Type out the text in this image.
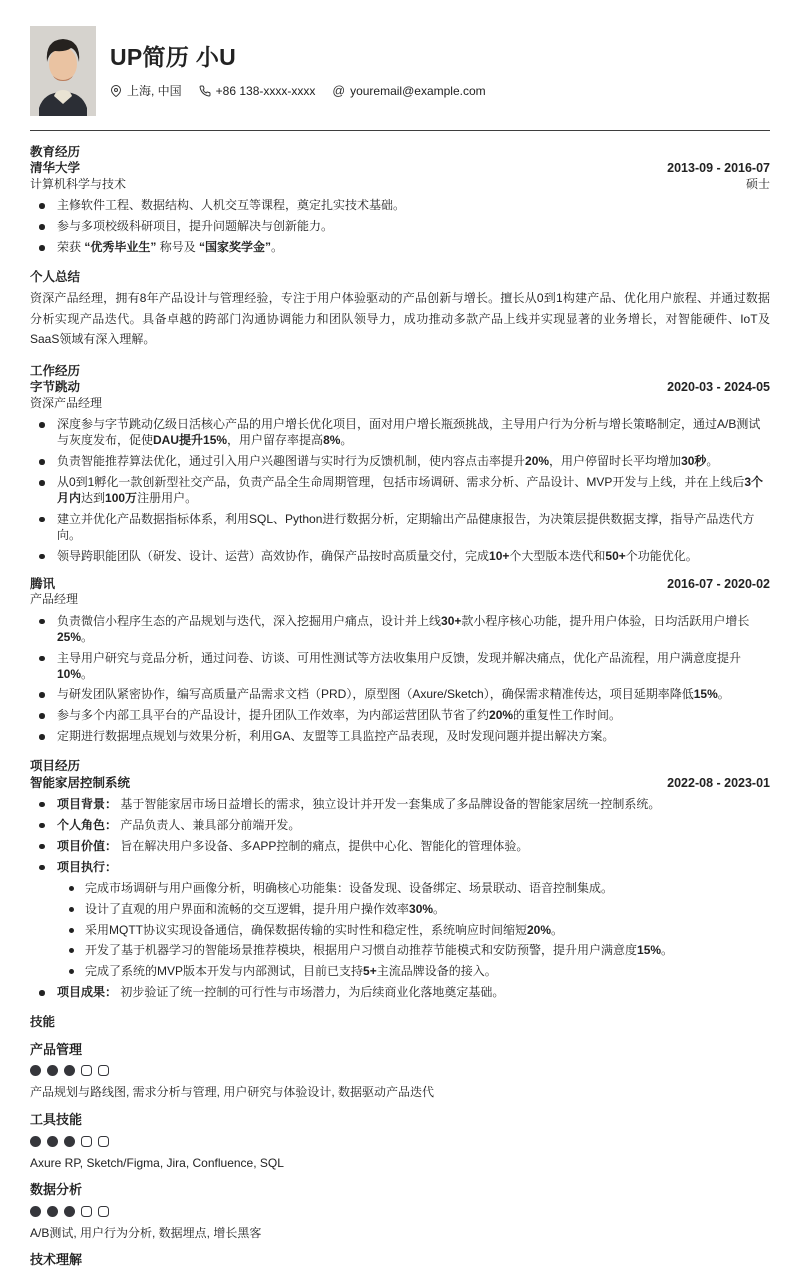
UP简历 小U
上海, 中国	+86 138-xxxx-xxxx @ youremail@example.com
教育经历
清华大学
计算机科学与技术
2013-09 - 2016-07
硕士
主修软件工程、数据结构、人机交互等课程，奠定扎实技术基础。
参与多项校级科研项目，提升问题解决与创新能力。
荣获 “优秀毕业生” 称号及 “国家奖学金”。
个人总结

资深产品经理，拥有8年产品设计与管理经验，专注于用户体验驱动的产品创新与增长。擅长从0到1构建产品、优化用户旅程、并通过数据分析实现产品迭代。具备卓越的跨部门沟通协调能力和团队领导力，成功推动多款产品上线并实现显著的业务增长，对智能硬件、IoT及SaaS领域有深入理解。

工作经历
字节跳动
资深产品经理
2020-03 - 2024-05
深度参与字节跳动亿级日活核心产品的用户增长优化项目，面对用户增长瓶颈挑战，主导用户行为分析与增长策略制定，通过A/B测试与灰度发布，促使DAU提升15%，用户留存率提高8%。
负责智能推荐算法优化，通过引入用户兴趣图谱与实时行为反馈机制，使内容点击率提升20%，用户停留时长平均增加30秒。
从0到1孵化一款创新型社交产品，负责产品全生命周期管理，包括市场调研、需求分析、产品设计、MVP开发与上线，并在上线后3个月内达到100万注册用户。
建立并优化产品数据指标体系，利用SQL、Python进行数据分析，定期输出产品健康报告，为决策层提供数据支撑，指导产品迭代方向。
领导跨职能团队（研发、设计、运营）高效协作，确保产品按时高质量交付，完成10+个大型版本迭代和50+个功能优化。
腾讯
产品经理
2016-07 - 2020-02
负责微信小程序生态的产品规划与迭代，深入挖掘用户痛点，设计并上线30+款小程序核心功能，提升用户体验，日均活跃用户增长25%。
主导用户研究与竞品分析，通过问卷、访谈、可用性测试等方法收集用户反馈，发现并解决痛点，优化产品流程，用户满意度提升10%。
与研发团队紧密协作，编写高质量产品需求文档（PRD），原型图（Axure/Sketch），确保需求精准传达，项目延期率降低15%。
参与多个内部工具平台的产品设计，提升团队工作效率，为内部运营团队节省了约20%的重复性工作时间。
定期进行数据埋点规划与效果分析，利用GA、友盟等工具监控产品表现，及时发现问题并提出解决方案。
项目经历
智能家居控制系统	2022-08 - 2023-01
项目背景： 基于智能家居市场日益增长的需求，独立设计并开发一套集成了多品牌设备的智能家居统一控制系统。
个人角色： 产品负责人、兼具部分前端开发。
项目价值： 旨在解决用户多设备、多APP控制的痛点，提供中心化、智能化的管理体验。
项目执行：
完成市场调研与用户画像分析，明确核心功能集：设备发现、设备绑定、场景联动、语音控制集成。
设计了直观的用户界面和流畅的交互逻辑，提升用户操作效率30%。
采用MQTT协议实现设备通信，确保数据传输的实时性和稳定性，系统响应时间缩短20%。
开发了基于机器学习的智能场景推荐模块，根据用户习惯自动推荐节能模式和安防预警，提升用户满意度15%。
完成了系统的MVP版本开发与内部测试，目前已支持5+主流品牌设备的接入。
项目成果： 初步验证了统一控制的可行性与市场潜力，为后续商业化落地奠定基础。
技能
产品管理
产品规划与路线图, 需求分析与管理, 用户研究与体验设计, 数据驱动产品迭代
工具技能
Axure RP, Sketch/Figma, Jira, Confluence, SQL
数据分析
A/B测试, 用户行为分析, 数据埋点, 增长黑客
技术理解
